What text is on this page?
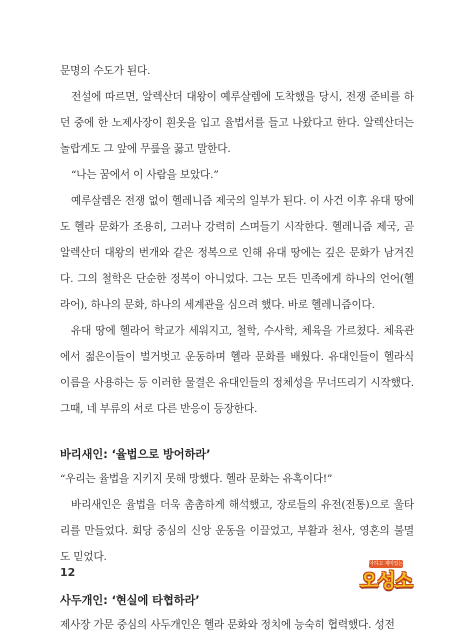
문명의 수도가 된다.

전설에 따르면, 알렉산더 대왕이 예루살렘에 도착했을 당시, 전쟁 준비를 하던 중에 한 노제사장이 흰옷을 입고 율법서를 들고 나왔다고 한다. 알렉산더는 놀랍게도 그 앞에 무릎을 꿇고 말한다.

“나는 꿈에서 이 사람을 보았다.”

예루살렘은 전쟁 없이 헬레니즘 제국의 일부가 된다. 이 사건 이후 유대 땅에도 헬라 문화가 조용히, 그러나 강력히 스며들기 시작한다. 헬레니즘 제국, 곧 알렉산더 대왕의 번개와 같은 정복으로 인해 유대 땅에는 깊은 문화가 남겨진다. 그의 철학은 단순한 정복이 아니었다. 그는 모든 민족에게 하나의 언어(헬라어), 하나의 문화, 하나의 세계관을 심으려 했다. 바로 헬레니즘이다.

유대 땅에 헬라어 학교가 세워지고, 철학, 수사학, 체육을 가르쳤다. 체육관에서 젊은이들이 벌거벗고 운동하며 헬라 문화를 배웠다. 유대인들이 헬라식 이름을 사용하는 등 이러한 물결은 유대인들의 정체성을 무너뜨리기 시작했다. 그때, 네 부류의 서로 다른 반응이 등장한다.

바리새인: ‘율법으로 방어하라’

“우리는 율법을 지키지 못해 망했다. 헬라 문화는 유혹이다!”

바리새인은 율법을 더욱 촘촘하게 해석했고, 장로들의 유전(전통)으로 울타리를 만들었다. 회당 중심의 신앙 운동을 이끌었고, 부활과 천사, 영혼의 불멸도 믿었다.

사두개인: ‘현실에 타협하라’

제사장 가문 중심의 사두개인은 헬라 문화와 정치에 능숙히 협력했다. 성전

12
아하고 재미있는
오성소
